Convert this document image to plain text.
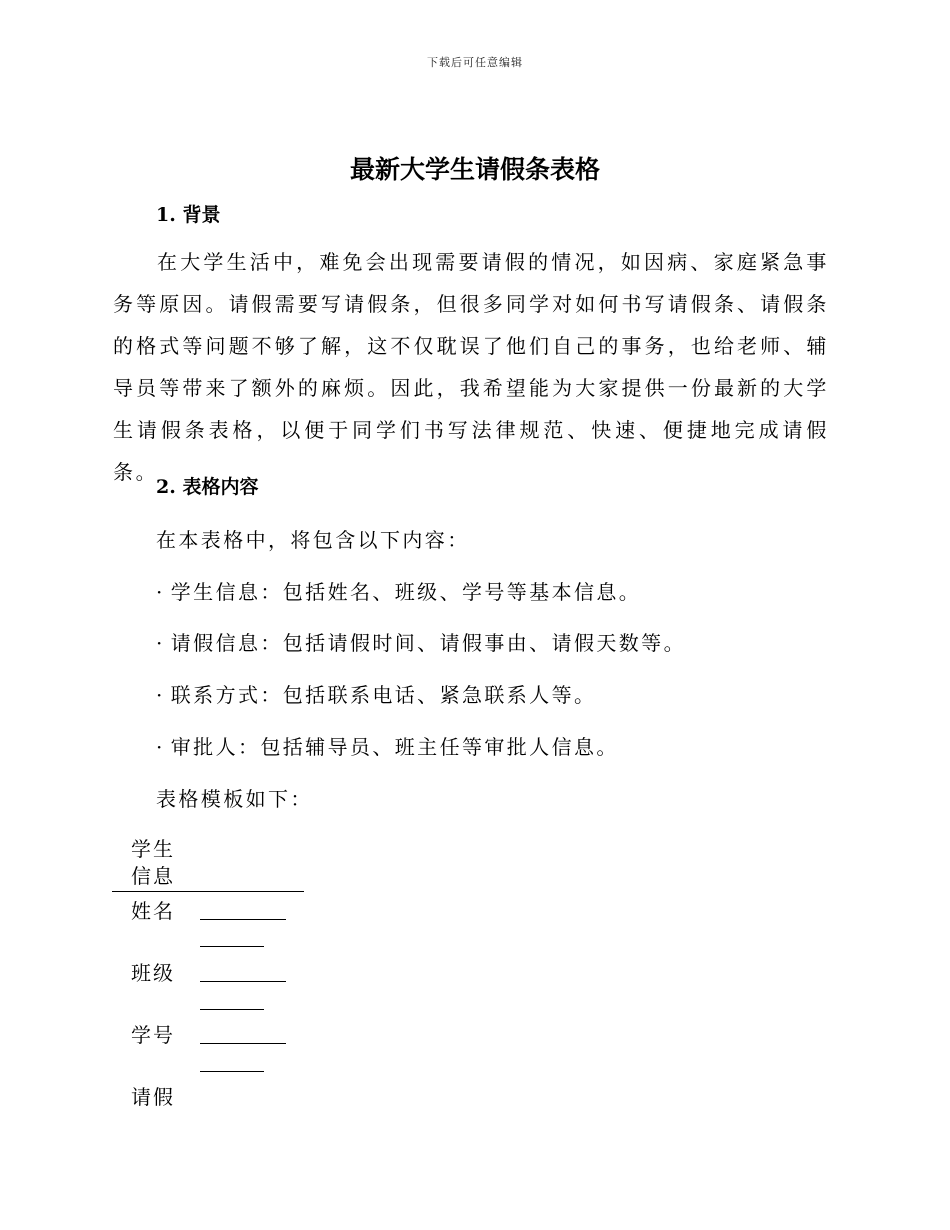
下载后可任意编辑
最新大学生请假条表格
1. 背景

在大学生活中，难免会出现需要请假的情况，如因病、家庭紧急事务等原因。请假需要写请假条，但很多同学对如何书写请假条、请假条的格式等问题不够了解，这不仅耽误了他们自己的事务，也给老师、辅导员等带来了额外的麻烦。因此，我希望能为大家提供一份最新的大学生请假条表格，以便于同学们书写法律规范、快速、便捷地完成请假条。

2. 表格内容
在本表格中，将包含以下内容：
· 学生信息：包括姓名、班级、学号等基本信息。
· 请假信息：包括请假时间、请假事由、请假天数等。
· 联系方式：包括联系电话、紧急联系人等。
· 审批人：包括辅导员、班主任等审批人信息。
表格模板如下：
学生
信息
姓名
班级
学号
请假
